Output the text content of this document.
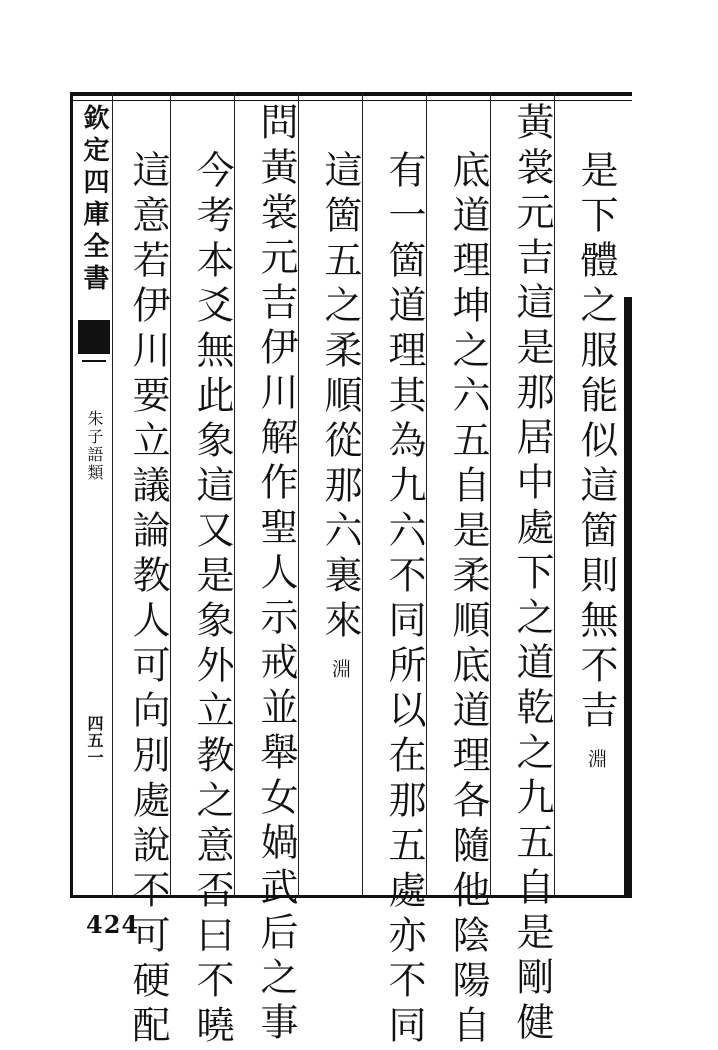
欽定四庫全書
朱子語類
四五一
是下體之服能似這箇則無不吉淵
黃裳元吉這是那居中處下之道乾之九五自是剛健
底道理坤之六五自是柔順底道理各隨他陰陽自
有一箇道理其為九六不同所以在那五處亦不同
這箇五之柔順從那六裏來淵
問黃裳元吉伊川解作聖人示戒並舉女媧武后之事
今考本爻無此象這又是象外立教之意否曰不曉
這意若伊川要立議論教人可向別處說不可硬配
424
